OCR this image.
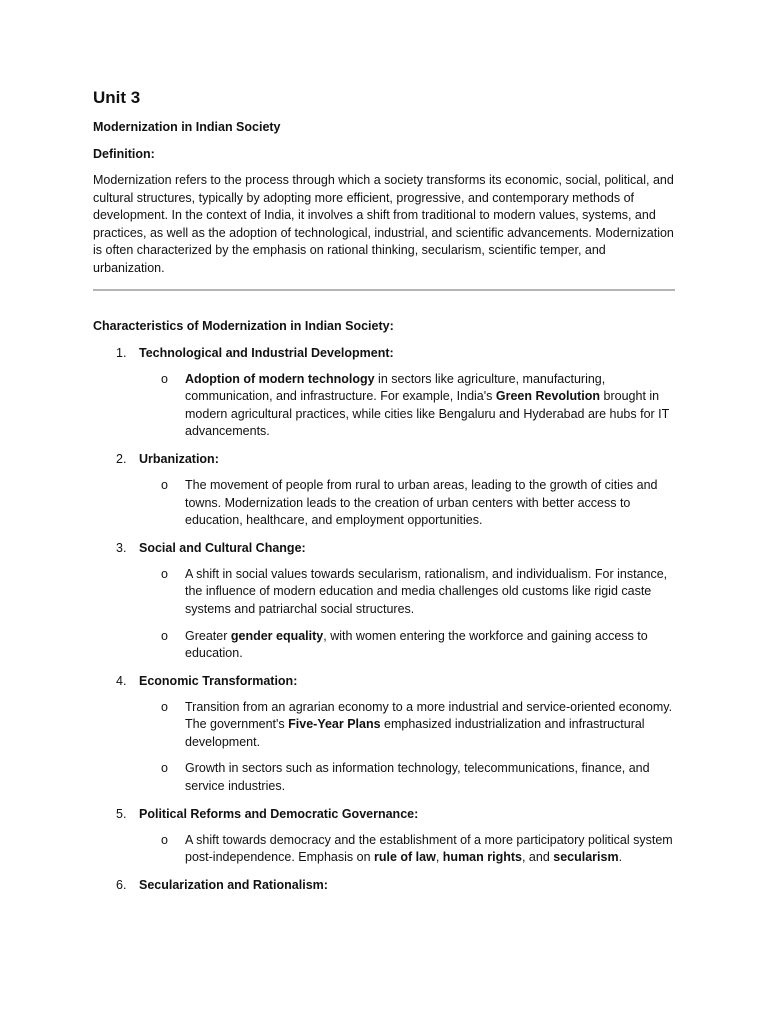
Unit 3
Modernization in Indian Society
Definition:

Modernization refers to the process through which a society transforms its economic, social, political, and cultural structures, typically by adopting more efficient, progressive, and contemporary methods of development. In the context of India, it involves a shift from traditional to modern values, systems, and practices, as well as the adoption of technological, industrial, and scientific advancements. Modernization is often characterized by the emphasis on rational thinking, secularism, scientific temper, and urbanization.

Characteristics of Modernization in Indian Society:
1. Technological and Industrial Development:
o Adoption of modern technology in sectors like agriculture, manufacturing, communication, and infrastructure. For example, India's Green Revolution brought in modern agricultural practices, while cities like Bengaluru and Hyderabad are hubs for IT advancements.
2. Urbanization:
o The movement of people from rural to urban areas, leading to the growth of cities and towns. Modernization leads to the creation of urban centers with better access to education, healthcare, and employment opportunities.
3. Social and Cultural Change:
o A shift in social values towards secularism, rationalism, and individualism. For instance, the influence of modern education and media challenges old customs like rigid caste systems and patriarchal social structures.
o Greater gender equality, with women entering the workforce and gaining access to education.
4. Economic Transformation:
o Transition from an agrarian economy to a more industrial and service-oriented economy. The government's Five-Year Plans emphasized industrialization and infrastructural development.
o Growth in sectors such as information technology, telecommunications, finance, and service industries.
5. Political Reforms and Democratic Governance:
o A shift towards democracy and the establishment of a more participatory political system post-independence. Emphasis on rule of law, human rights, and secularism.
6. Secularization and Rationalism:
